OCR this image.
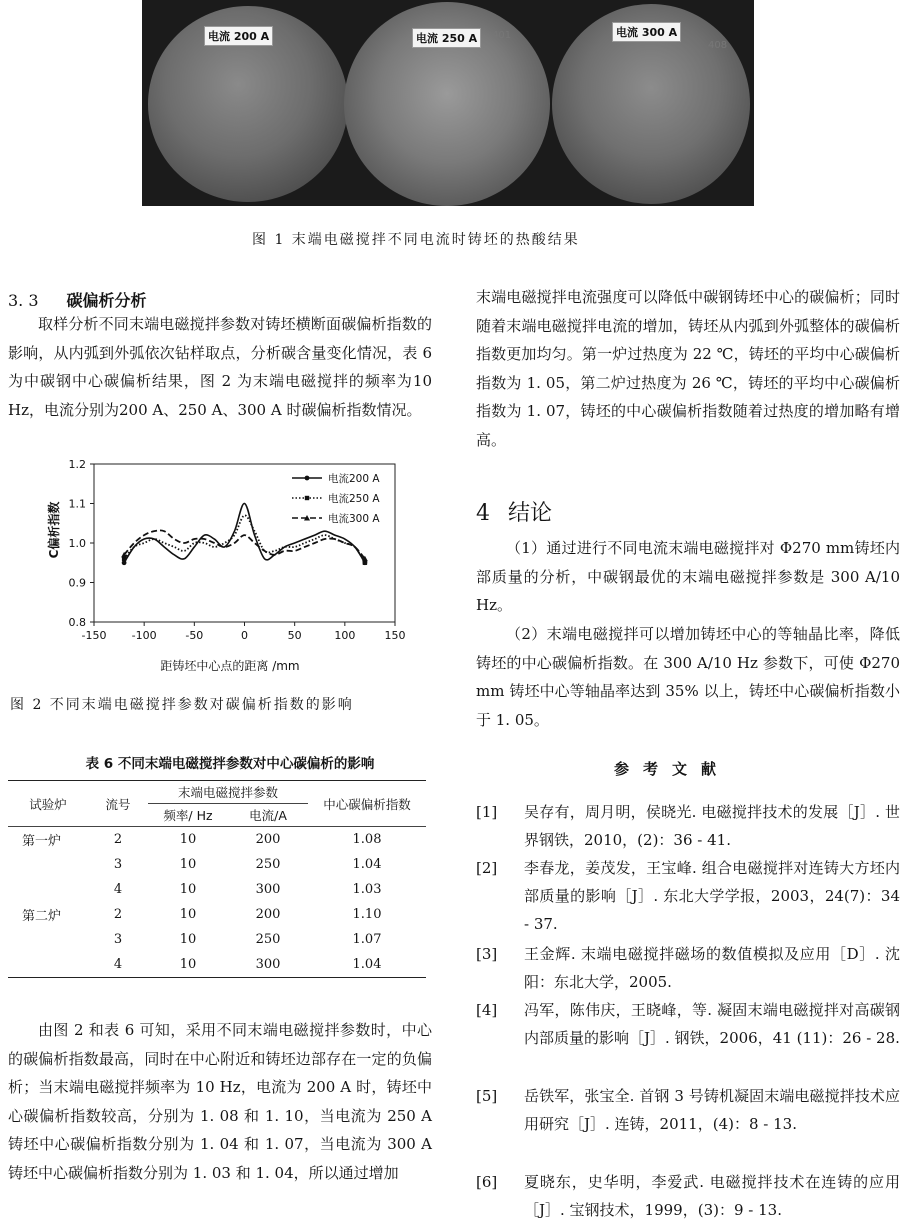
电流 200 A	电流 250 A	电流 300 A
401
408
图 1 末端电磁搅拌不同电流时铸坯的热酸结果
3. 3 碳偏析分析
取样分析不同末端电磁搅拌参数对铸坯横断面碳偏析指数的影响，从内弧到外弧依次钻样取点，分析碳含量变化情况，表 6 为中碳钢中心碳偏析结果，图 2 为末端电磁搅拌的频率为10 Hz，电流分别为200 A、250 A、300 A 时碳偏析指数情况。
-150 -100	-50	0	50	100	150
0.8
0.9
1.0
1.1
1.2
电流200 A
电流250 A
电流300 A
距铸坯中心点的距离 /mm
C偏析指数
图 2 不同末端电磁搅拌参数对碳偏析指数的影响
表 6 不同末端电磁搅拌参数对中心碳偏析的影响
试验炉	流号	末端电磁搅拌参数		中心碳偏析指数
		频率/ Hz	电流/A	
第一炉	2	10	200	1.08
	3	10	250	1.04
	4	10	300	1.03
第二炉	2	10	200	1.10
	3	10	250	1.07
	4	10	300	1.04
由图 2 和表 6 可知，采用不同末端电磁搅拌参数时，中心的碳偏析指数最高，同时在中心附近和铸坯边部存在一定的负偏析；当末端电磁搅拌频率为 10 Hz，电流为 200 A 时，铸坯中心碳偏析指数较高，分别为 1. 08 和 1. 10，当电流为 250 A 铸坯中心碳偏析指数分别为 1. 04 和 1. 07，当电流为 300 A 铸坯中心碳偏析指数分别为 1. 03 和 1. 04，所以通过增加
末端电磁搅拌电流强度可以降低中碳钢铸坯中心的碳偏析；同时随着末端电磁搅拌电流的增加，铸坯从内弧到外弧整体的碳偏析指数更加均匀。第一炉过热度为 22 ℃，铸坯的平均中心碳偏析指数为 1. 05，第二炉过热度为 26 ℃，铸坯的平均中心碳偏析指数为 1. 07，铸坯的中心碳偏析指数随着过热度的增加略有增高。
4 结论
（1）通过进行不同电流末端电磁搅拌对 Φ270 mm铸坯内部质量的分析，中碳钢最优的末端电磁搅拌参数是 300 A/10 Hz。
（2）末端电磁搅拌可以增加铸坯中心的等轴晶比率，降低铸坯的中心碳偏析指数。在 300 A/10 Hz 参数下，可使 Φ270 mm 铸坯中心等轴晶率达到 35% 以上，铸坯中心碳偏析指数小于 1. 05。
参考文献
[1] 吴存有，周月明，侯晓光. 电磁搅拌技术的发展［J］. 世界钢铁，2010，(2)：36 - 41.
[2] 李春龙，姜茂发，王宝峰. 组合电磁搅拌对连铸大方坯内部质量的影响［J］. 东北大学学报，2003，24(7)：34 - 37.
[3] 王金辉. 末端电磁搅拌磁场的数值模拟及应用［D］. 沈阳：东北大学，2005.
[4] 冯军，陈伟庆，王晓峰，等. 凝固末端电磁搅拌对高碳钢内部质量的影响［J］. 钢铁，2006，41 (11)：26 - 28.
[5] 岳铁军，张宝全. 首钢 3 号铸机凝固末端电磁搅拌技术应用研究［J］. 连铸，2011，(4)：8 - 13.
[6] 夏晓东，史华明，李爱武. 电磁搅拌技术在连铸的应用［J］. 宝钢技术，1999，(3)：9 - 13.
